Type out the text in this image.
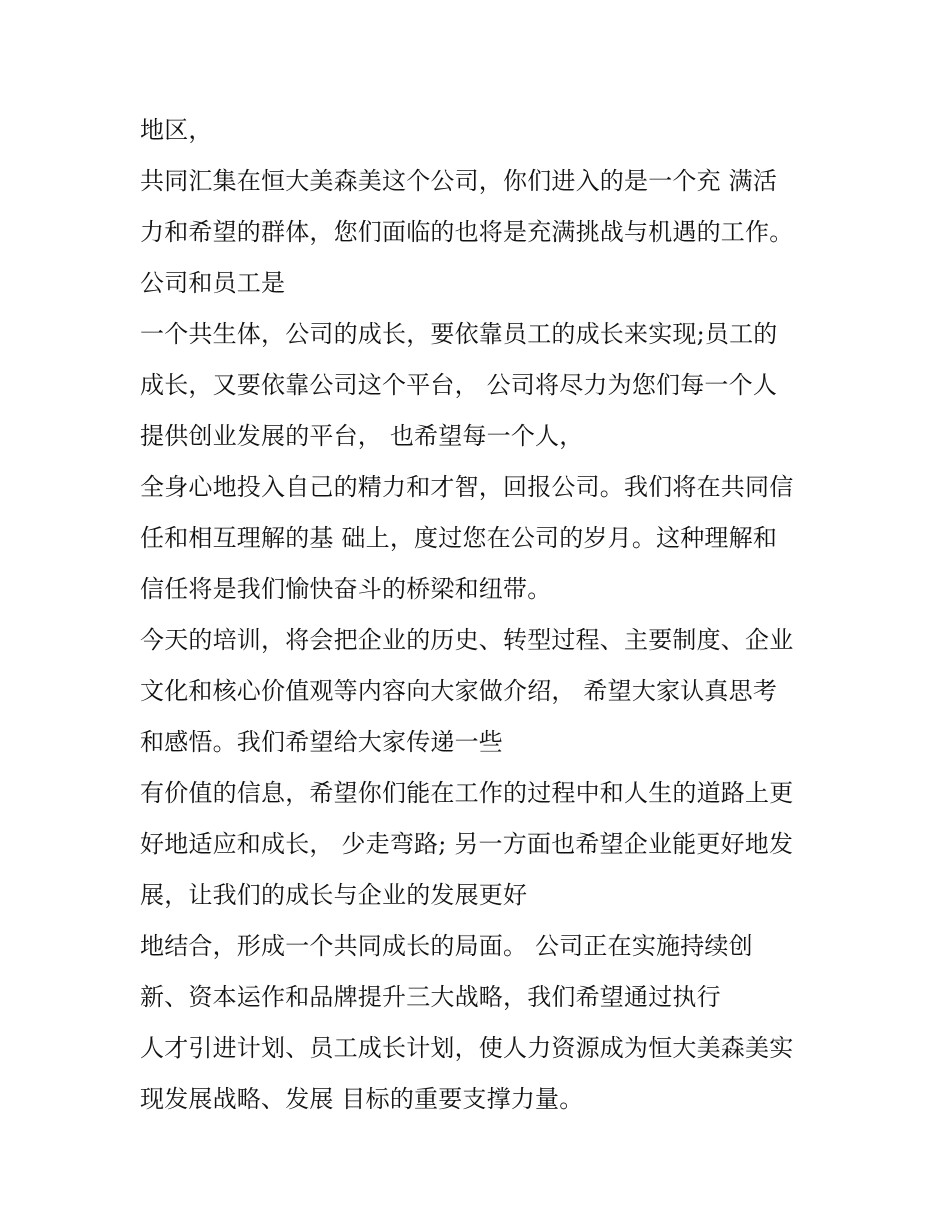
地区，
共同汇集在恒大美森美这个公司，你们进入的是一个充 满活
力和希望的群体，您们面临的也将是充满挑战与机遇的工作。
公司和员工是
一个共生体，公司的成长，要依靠员工的成长来实现;员工的
成长，又要依靠公司这个平台， 公司将尽力为您们每一个人
提供创业发展的平台， 也希望每一个人，
全身心地投入自己的精力和才智，回报公司。我们将在共同信
任和相互理解的基 础上，度过您在公司的岁月。这种理解和
信任将是我们愉快奋斗的桥梁和纽带。
今天的培训，将会把企业的历史、转型过程、主要制度、企业
文化和核心价值观等内容向大家做介绍， 希望大家认真思考
和感悟。我们希望给大家传递一些
有价值的信息，希望你们能在工作的过程中和人生的道路上更
好地适应和成长， 少走弯路; 另一方面也希望企业能更好地发
展，让我们的成长与企业的发展更好
地结合，形成一个共同成长的局面。 公司正在实施持续创
新、资本运作和品牌提升三大战略，我们希望通过执行
人才引进计划、员工成长计划，使人力资源成为恒大美森美实
现发展战略、发展 目标的重要支撑力量。
